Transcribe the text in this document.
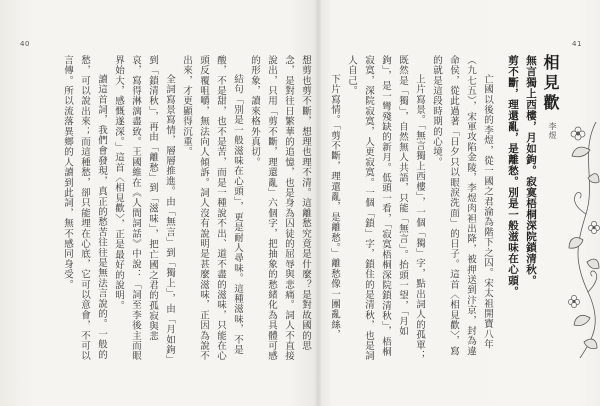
40	41
相見歡
李煜
無言獨上西樓，月如鉤。寂寞梧桐深院鎖清秋。
剪不斷，理還亂，是離愁。別是一般滋味在心頭。

亡國以後的李煜，從一國之君淪為階下之囚。宋太祖開寶八年（九七五），宋軍攻陷金陵，李煜肉袒出降，被押送到汴京，封為違命侯，從此過著「日夕只以眼淚洗面」的日子。這首〈相見歡〉，寫的就是這段時期的心境。

上片寫景。「無言獨上西樓」，一個「獨」字，點出詞人的孤單；既然是「獨」，自然無人共語，只能「無言」。抬頭一望，「月如鉤」，是一彎殘缺的新月。低頭一看，「寂寞梧桐深院鎖清秋」，梧桐寂寞，深院寂寞，人更寂寞。一個「鎖」字，鎖住的是清秋，也是詞人自己。

下片寫情。「剪不斷，理還亂，是離愁。」離愁像一團亂絲，

想剪也剪不斷，想理也理不清。這離愁究竟是什麼？是對故國的思念，是對往日繁華的追憶，也是身為囚徒的屈辱與悲痛。詞人不直接說出，只用「剪不斷，理還亂」六個字，把抽象的愁緒化為具體可感的形象，讀來格外真切。

結句「別是一般滋味在心頭」，更是耐人尋味。這種滋味，不是酸，不是甜，也不是苦，而是一種說不出、道不盡的滋味，只能在心頭反覆咀嚼，無法向人傾訴。詞人沒有說明是甚麼滋味，正因為說不出來，才更顯得沉重。

全詞寫景寫情，層層推進。由「無言」到「獨上」，由「月如鉤」到「鎖清秋」，再由「離愁」到「滋味」，把亡國之君的孤寂與悲哀，寫得淋漓盡致。王國維在《人間詞話》中說：「詞至李後主而眼界始大，感慨遂深。」這首〈相見歡〉，正是最好的說明。

讀這首詞，我們會發現，真正的愁苦往往是無法言說的。一般的愁，可以說出來；而這種愁，卻只能埋在心底，它可以意會，不可以言傳。所以流落異鄉的人讀到此詞，無不感同身受。
